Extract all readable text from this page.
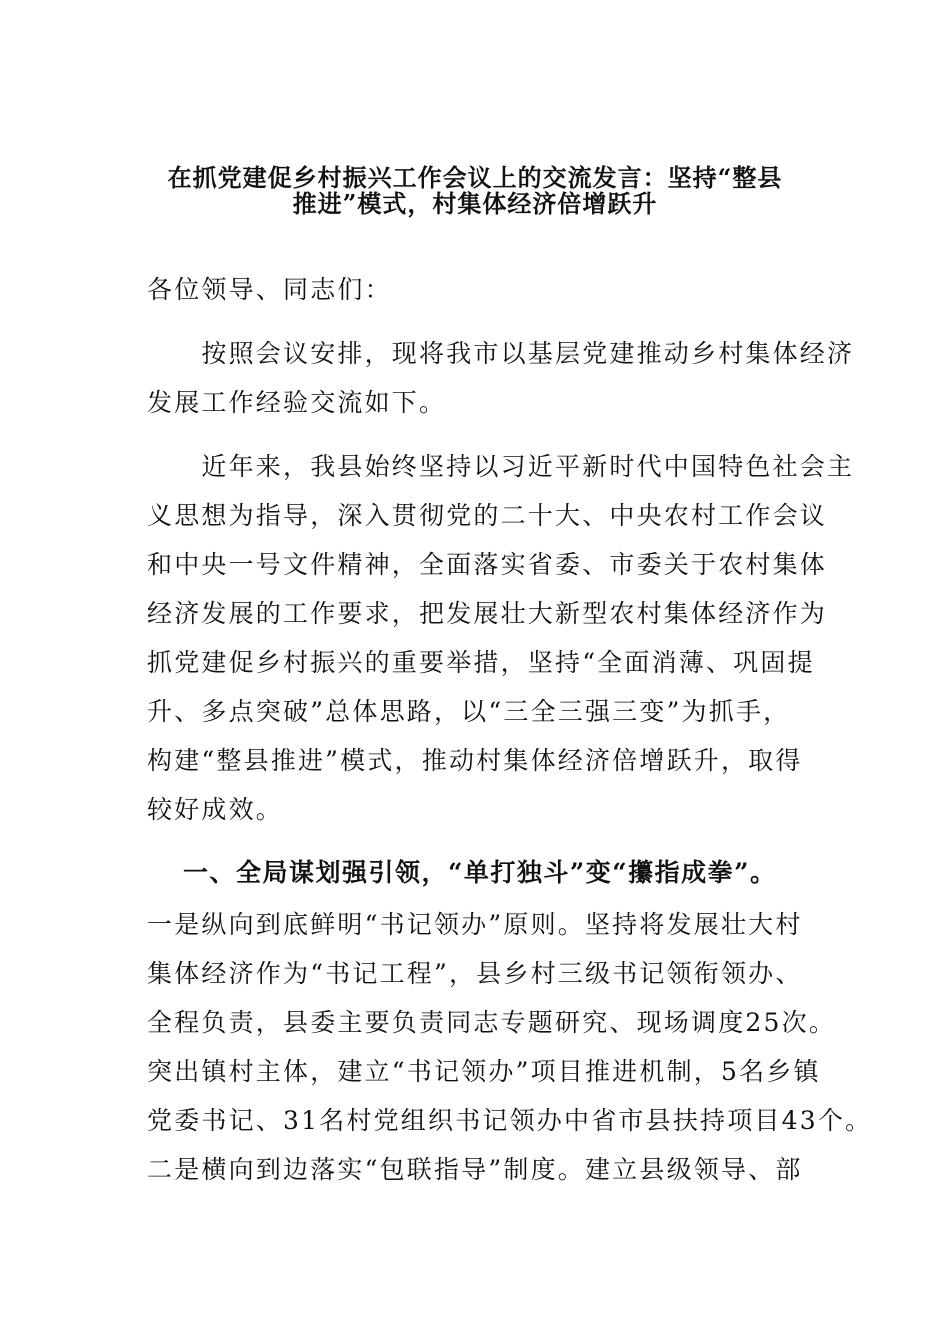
在抓党建促乡村振兴工作会议上的交流发言：坚持“整县
推进”模式，村集体经济倍增跃升

各位领导、同志们：

　　按照会议安排，现将我市以基层党建推动乡村集体经济

发展工作经验交流如下。

　　近年来，我县始终坚持以习近平新时代中国特色社会主

义思想为指导，深入贯彻党的二十大、中央农村工作会议

和中央一号文件精神，全面落实省委、市委关于农村集体

经济发展的工作要求，把发展壮大新型农村集体经济作为

抓党建促乡村振兴的重要举措，坚持“全面消薄、巩固提

升、多点突破”总体思路，以“三全三强三变”为抓手，

构建“整县推进”模式，推动村集体经济倍增跃升，取得

较好成效。

一、全局谋划强引领，“单打独斗”变“攥指成拳”。

一是纵向到底鲜明“书记领办”原则。坚持将发展壮大村

集体经济作为“书记工程”，县乡村三级书记领衔领办、

全程负责，县委主要负责同志专题研究、现场调度25次。

突出镇村主体，建立“书记领办”项目推进机制，5名乡镇

党委书记、31名村党组织书记领办中省市县扶持项目43个。

二是横向到边落实“包联指导”制度。建立县级领导、部
